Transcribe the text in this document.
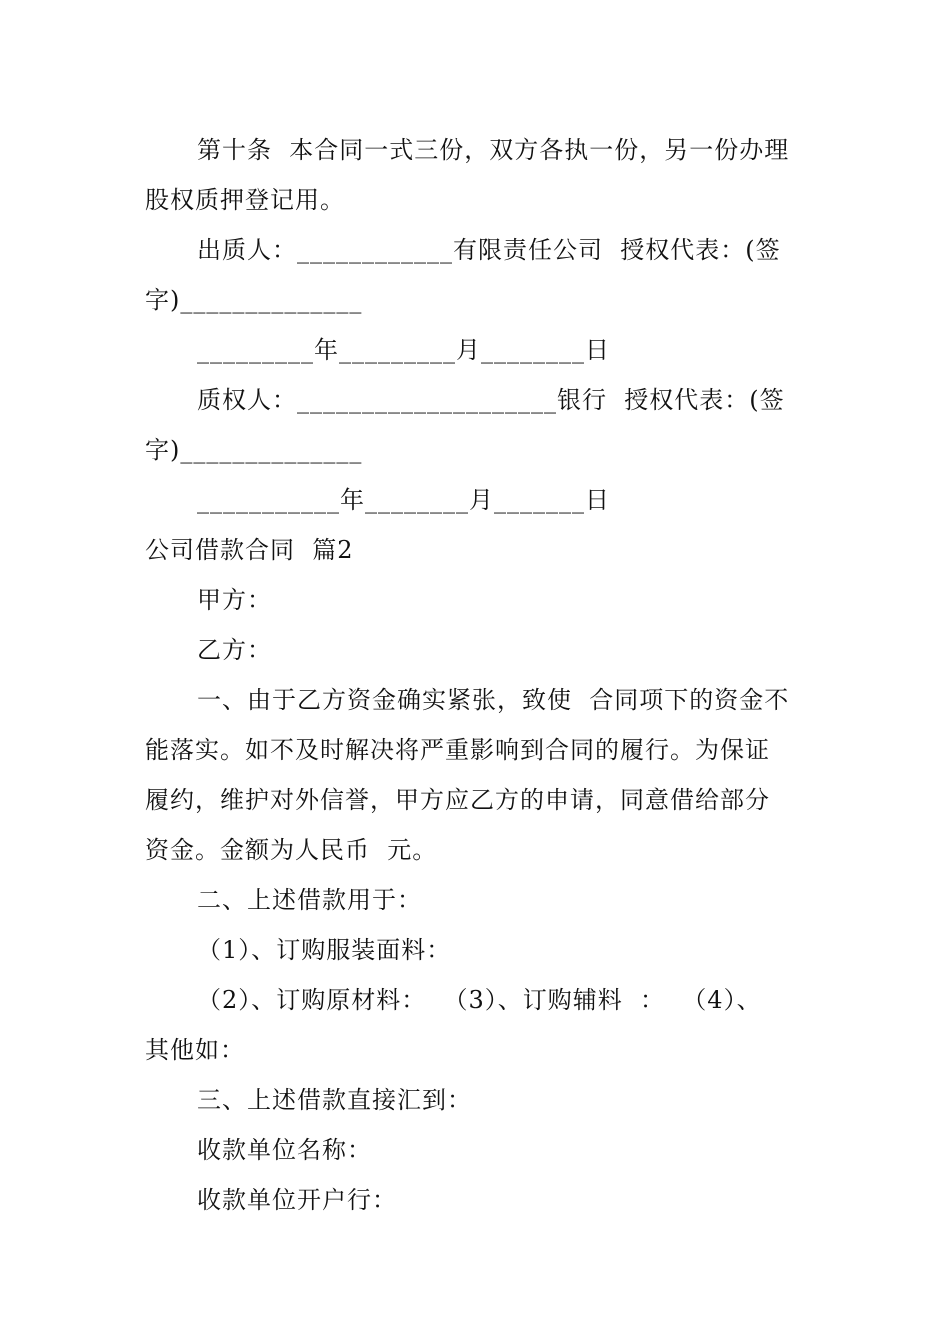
第十条  本合同一式三份，双方各执一份，另一份办理
股权质押登记用。
出质人：____________有限责任公司  授权代表：(签
字)______________
_________年_________月________日
质权人：____________________银行  授权代表：(签
字)______________
___________年________月_______日
公司借款合同  篇2
甲方：
乙方：
一、由于乙方资金确实紧张，致使  合同项下的资金不
能落实。如不及时解决将严重影响到合同的履行。为保证
履约，维护对外信誉，甲方应乙方的申请，同意借给部分
资金。金额为人民币  元。
二、上述借款用于：
（1）、订购服装面料：
（2）、订购原材料：  （3）、订购辅料  ：  （4）、
其他如：
三、上述借款直接汇到：
收款单位名称：
收款单位开户行：
